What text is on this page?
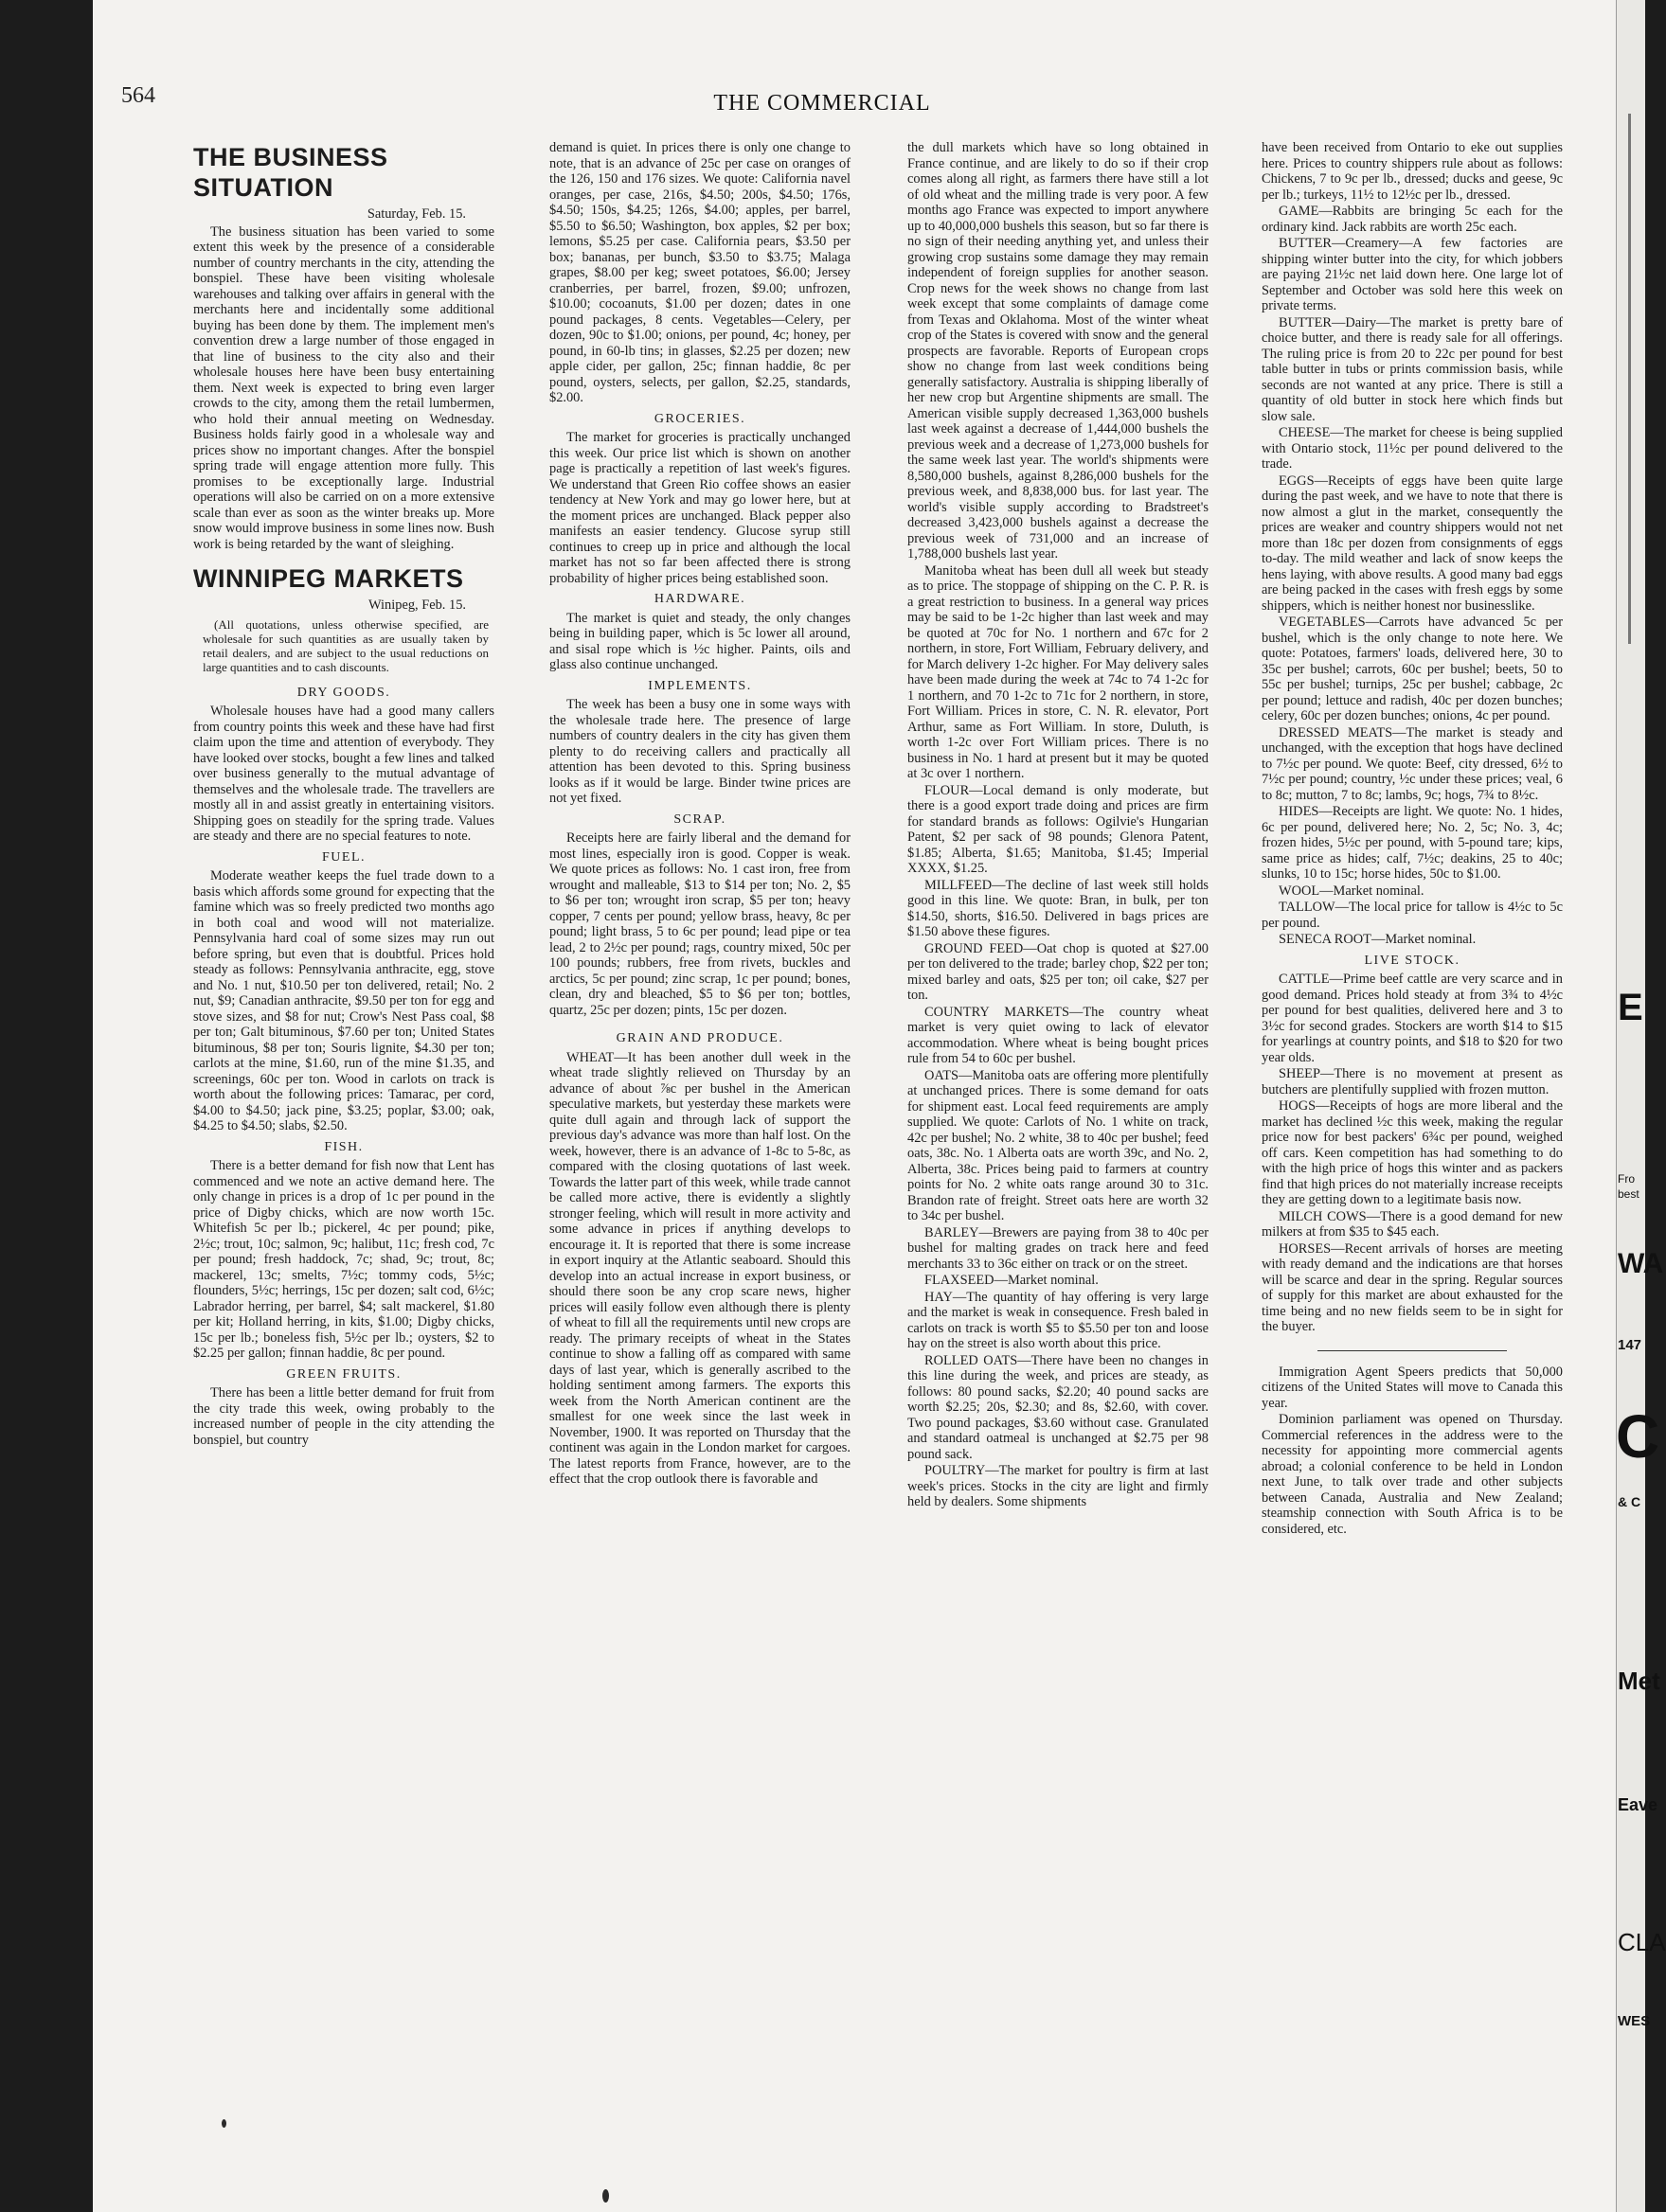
564	THE COMMERCIAL
THE BUSINESS SITUATION
Saturday, Feb. 15.

The business situation has been varied to some extent this week by the presence of a considerable number of country merchants in the city, attending the bonspiel. These have been visiting wholesale warehouses and talking over affairs in general with the merchants here and incidentally some additional buying has been done by them. The implement men's convention drew a large number of those engaged in that line of business to the city also and their wholesale houses here have been busy entertaining them. Next week is expected to bring even larger crowds to the city, among them the retail lumbermen, who hold their annual meeting on Wednesday. Business holds fairly good in a wholesale way and prices show no important changes. After the bonspiel spring trade will engage attention more fully. This promises to be exceptionally large. Industrial operations will also be carried on on a more extensive scale than ever as soon as the winter breaks up. More snow would improve business in some lines now. Bush work is being retarded by the want of sleighing.

WINNIPEG MARKETS
Winipeg, Feb. 15.
(All quotations, unless otherwise specified, are wholesale for such quantities as are usually taken by retail dealers, and are subject to the usual reductions on large quantities and to cash discounts.
DRY GOODS.

Wholesale houses have had a good many callers from country points this week and these have had first claim upon the time and attention of everybody. They have looked over stocks, bought a few lines and talked over business generally to the mutual advantage of themselves and the wholesale trade. The travellers are mostly all in and assist greatly in entertaining visitors. Shipping goes on steadily for the spring trade. Values are steady and there are no special features to note.

FUEL.

Moderate weather keeps the fuel trade down to a basis which affords some ground for expecting that the famine which was so freely predicted two months ago in both coal and wood will not materialize. Pennsylvania hard coal of some sizes may run out before spring, but even that is doubtful. Prices hold steady as follows: Pennsylvania anthracite, egg, stove and No. 1 nut, $10.50 per ton delivered, retail; No. 2 nut, $9; Canadian anthracite, $9.50 per ton for egg and stove sizes, and $8 for nut; Crow's Nest Pass coal, $8 per ton; Galt bituminous, $7.60 per ton; United States bituminous, $8 per ton; Souris lignite, $4.30 per ton; carlots at the mine, $1.60, run of the mine $1.35, and screenings, 60c per ton. Wood in carlots on track is worth about the following prices: Tamarac, per cord, $4.00 to $4.50; jack pine, $3.25; poplar, $3.00; oak, $4.25 to $4.50; slabs, $2.50.

FISH.

There is a better demand for fish now that Lent has commenced and we note an active demand here. The only change in prices is a drop of 1c per pound in the price of Digby chicks, which are now worth 15c. Whitefish 5c per lb.; pickerel, 4c per pound; pike, 2½c; trout, 10c; salmon, 9c; halibut, 11c; fresh cod, 7c per pound; fresh haddock, 7c; shad, 9c; trout, 8c; mackerel, 13c; smelts, 7½c; tommy cods, 5½c; flounders, 5½c; herrings, 15c per dozen; salt cod, 6½c; Labrador herring, per barrel, $4; salt mackerel, $1.80 per kit; Holland herring, in kits, $1.00; Digby chicks, 15c per lb.; boneless fish, 5½c per lb.; oysters, $2 to $2.25 per gallon; finnan haddie, 8c per pound.

GREEN FRUITS.

There has been a little better demand for fruit from the city trade this week, owing probably to the increased number of people in the city attending the bonspiel, but country

demand is quiet. In prices there is only one change to note, that is an advance of 25c per case on oranges of the 126, 150 and 176 sizes. We quote: California navel oranges, per case, 216s, $4.50; 200s, $4.50; 176s, $4.50; 150s, $4.25; 126s, $4.00; apples, per barrel, $5.50 to $6.50; Washington, box apples, $2 per box; lemons, $5.25 per case. California pears, $3.50 per box; bananas, per bunch, $3.50 to $3.75; Malaga grapes, $8.00 per keg; sweet potatoes, $6.00; Jersey cranberries, per barrel, frozen, $9.00; unfrozen, $10.00; cocoanuts, $1.00 per dozen; dates in one pound packages, 8 cents. Vegetables—Celery, per dozen, 90c to $1.00; onions, per pound, 4c; honey, per pound, in 60-lb tins; in glasses, $2.25 per dozen; new apple cider, per gallon, 25c; finnan haddie, 8c per pound, oysters, selects, per gallon, $2.25, standards, $2.00.

GROCERIES.

The market for groceries is practically unchanged this week. Our price list which is shown on another page is practically a repetition of last week's figures. We understand that Green Rio coffee shows an easier tendency at New York and may go lower here, but at the moment prices are unchanged. Black pepper also manifests an easier tendency. Glucose syrup still continues to creep up in price and although the local market has not so far been affected there is strong probability of higher prices being established soon.

HARDWARE.

The market is quiet and steady, the only changes being in building paper, which is 5c lower all around, and sisal rope which is ½c higher. Paints, oils and glass also continue unchanged.

IMPLEMENTS.

The week has been a busy one in some ways with the wholesale trade here. The presence of large numbers of country dealers in the city has given them plenty to do receiving callers and practically all attention has been devoted to this. Spring business looks as if it would be large. Binder twine prices are not yet fixed.

SCRAP.

Receipts here are fairly liberal and the demand for most lines, especially iron is good. Copper is weak. We quote prices as follows: No. 1 cast iron, free from wrought and malleable, $13 to $14 per ton; No. 2, $5 to $6 per ton; wrought iron scrap, $5 per ton; heavy copper, 7 cents per pound; yellow brass, heavy, 8c per pound; light brass, 5 to 6c per pound; lead pipe or tea lead, 2 to 2½c per pound; rags, country mixed, 50c per 100 pounds; rubbers, free from rivets, buckles and arctics, 5c per pound; zinc scrap, 1c per pound; bones, clean, dry and bleached, $5 to $6 per ton; bottles, quartz, 25c per dozen; pints, 15c per dozen.

GRAIN AND PRODUCE.

WHEAT—It has been another dull week in the wheat trade slightly relieved on Thursday by an advance of about ⅞c per bushel in the American speculative markets, but yesterday these markets were quite dull again and through lack of support the previous day's advance was more than half lost. On the week, however, there is an advance of 1-8c to 5-8c, as compared with the closing quotations of last week. Towards the latter part of this week, while trade cannot be called more active, there is evidently a slightly stronger feeling, which will result in more activity and some advance in prices if anything develops to encourage it. It is reported that there is some increase in export inquiry at the Atlantic seaboard. Should this develop into an actual increase in export business, or should there soon be any crop scare news, higher prices will easily follow even although there is plenty of wheat to fill all the requirements until new crops are ready. The primary receipts of wheat in the States continue to show a falling off as compared with same days of last year, which is generally ascribed to the holding sentiment among farmers. The exports this week from the North American continent are the smallest for one week since the last week in November, 1900. It was reported on Thursday that the continent was again in the London market for cargoes. The latest reports from France, however, are to the effect that the crop outlook there is favorable and

the dull markets which have so long obtained in France continue, and are likely to do so if their crop comes along all right, as farmers there have still a lot of old wheat and the milling trade is very poor. A few months ago France was expected to import anywhere up to 40,000,000 bushels this season, but so far there is no sign of their needing anything yet, and unless their growing crop sustains some damage they may remain independent of foreign supplies for another season. Crop news for the week shows no change from last week except that some complaints of damage come from Texas and Oklahoma. Most of the winter wheat crop of the States is covered with snow and the general prospects are favorable. Reports of European crops show no change from last week conditions being generally satisfactory. Australia is shipping liberally of her new crop but Argentine shipments are small. The American visible supply decreased 1,363,000 bushels last week against a decrease of 1,444,000 bushels the previous week and a decrease of 1,273,000 bushels for the same week last year. The world's shipments were 8,580,000 bushels, against 8,286,000 bushels for the previous week, and 8,838,000 bus. for last year. The world's visible supply according to Bradstreet's decreased 3,423,000 bushels against a decrease the previous week of 731,000 and an increase of 1,788,000 bushels last year.

Manitoba wheat has been dull all week but steady as to price. The stoppage of shipping on the C. P. R. is a great restriction to business. In a general way prices may be said to be 1-2c higher than last week and may be quoted at 70c for No. 1 northern and 67c for 2 northern, in store, Fort William, February delivery, and for March delivery 1-2c higher. For May delivery sales have been made during the week at 74c to 74 1-2c for 1 northern, and 70 1-2c to 71c for 2 northern, in store, Fort William. Prices in store, C. N. R. elevator, Port Arthur, same as Fort William. In store, Duluth, is worth 1-2c over Fort William prices. There is no business in No. 1 hard at present but it may be quoted at 3c over 1 northern.

FLOUR—Local demand is only moderate, but there is a good export trade doing and prices are firm for standard brands as follows: Ogilvie's Hungarian Patent, $2 per sack of 98 pounds; Glenora Patent, $1.85; Alberta, $1.65; Manitoba, $1.45; Imperial XXXX, $1.25.

MILLFEED—The decline of last week still holds good in this line. We quote: Bran, in bulk, per ton $14.50, shorts, $16.50. Delivered in bags prices are $1.50 above these figures.

GROUND FEED—Oat chop is quoted at $27.00 per ton delivered to the trade; barley chop, $22 per ton; mixed barley and oats, $25 per ton; oil cake, $27 per ton.

COUNTRY MARKETS—The country wheat market is very quiet owing to lack of elevator accommodation. Where wheat is being bought prices rule from 54 to 60c per bushel.

OATS—Manitoba oats are offering more plentifully at unchanged prices. There is some demand for oats for shipment east. Local feed requirements are amply supplied. We quote: Carlots of No. 1 white on track, 42c per bushel; No. 2 white, 38 to 40c per bushel; feed oats, 38c. No. 1 Alberta oats are worth 39c, and No. 2, Alberta, 38c. Prices being paid to farmers at country points for No. 2 white oats range around 30 to 31c. Brandon rate of freight. Street oats here are worth 32 to 34c per bushel.

BARLEY—Brewers are paying from 38 to 40c per bushel for malting grades on track here and feed merchants 33 to 36c either on track or on the street.

FLAXSEED—Market nominal.

HAY—The quantity of hay offering is very large and the market is weak in consequence. Fresh baled in carlots on track is worth $5 to $5.50 per ton and loose hay on the street is also worth about this price.

ROLLED OATS—There have been no changes in this line during the week, and prices are steady, as follows: 80 pound sacks, $2.20; 40 pound sacks are worth $2.25; 20s, $2.30; and 8s, $2.60, with cover. Two pound packages, $3.60 without case. Granulated and standard oatmeal is unchanged at $2.75 per 98 pound sack.

POULTRY—The market for poultry is firm at last week's prices. Stocks in the city are light and firmly held by dealers. Some shipments

have been received from Ontario to eke out supplies here. Prices to country shippers rule about as follows: Chickens, 7 to 9c per lb., dressed; ducks and geese, 9c per lb.; turkeys, 11½ to 12½c per lb., dressed.

GAME—Rabbits are bringing 5c each for the ordinary kind. Jack rabbits are worth 25c each.

BUTTER—Creamery—A few factories are shipping winter butter into the city, for which jobbers are paying 21½c net laid down here. One large lot of September and October was sold here this week on private terms.

BUTTER—Dairy—The market is pretty bare of choice butter, and there is ready sale for all offerings. The ruling price is from 20 to 22c per pound for best table butter in tubs or prints commission basis, while seconds are not wanted at any price. There is still a quantity of old butter in stock here which finds but slow sale.

CHEESE—The market for cheese is being supplied with Ontario stock, 11½c per pound delivered to the trade.

EGGS—Receipts of eggs have been quite large during the past week, and we have to note that there is now almost a glut in the market, consequently the prices are weaker and country shippers would not net more than 18c per dozen from consignments of eggs to-day. The mild weather and lack of snow keeps the hens laying, with above results. A good many bad eggs are being packed in the cases with fresh eggs by some shippers, which is neither honest nor businesslike.

VEGETABLES—Carrots have advanced 5c per bushel, which is the only change to note here. We quote: Potatoes, farmers' loads, delivered here, 30 to 35c per bushel; carrots, 60c per bushel; beets, 50 to 55c per bushel; turnips, 25c per bushel; cabbage, 2c per pound; lettuce and radish, 40c per dozen bunches; celery, 60c per dozen bunches; onions, 4c per pound.

DRESSED MEATS—The market is steady and unchanged, with the exception that hogs have declined to 7½c per pound. We quote: Beef, city dressed, 6½ to 7½c per pound; country, ½c under these prices; veal, 6 to 8c; mutton, 7 to 8c; lambs, 9c; hogs, 7¾ to 8½c.

HIDES—Receipts are light. We quote: No. 1 hides, 6c per pound, delivered here; No. 2, 5c; No. 3, 4c; frozen hides, 5½c per pound, with 5-pound tare; kips, same price as hides; calf, 7½c; deakins, 25 to 40c; slunks, 10 to 15c; horse hides, 50c to $1.00.

WOOL—Market nominal.

TALLOW—The local price for tallow is 4½c to 5c per pound.

SENECA ROOT—Market nominal.

LIVE STOCK.

CATTLE—Prime beef cattle are very scarce and in good demand. Prices hold steady at from 3¾ to 4½c per pound for best qualities, delivered here and 3 to 3½c for second grades. Stockers are worth $14 to $15 for yearlings at country points, and $18 to $20 for two year olds.

SHEEP—There is no movement at present as butchers are plentifully supplied with frozen mutton.

HOGS—Receipts of hogs are more liberal and the market has declined ½c this week, making the regular price now for best packers' 6¾c per pound, weighed off cars. Keen competition has had something to do with the high price of hogs this winter and as packers find that high prices do not materially increase receipts they are getting down to a legitimate basis now.

MILCH COWS—There is a good demand for new milkers at from $35 to $45 each.

HORSES—Recent arrivals of horses are meeting with ready demand and the indications are that horses will be scarce and dear in the spring. Regular sources of supply for this market are about exhausted for the time being and no new fields seem to be in sight for the buyer.

Immigration Agent Speers predicts that 50,000 citizens of the United States will move to Canada this year.

Dominion parliament was opened on Thursday. Commercial references in the address were to the necessity for appointing more commercial agents abroad; a colonial conference to be held in London next June, to talk over trade and other subjects between Canada, Australia and New Zealand; steamship connection with South Africa is to be considered, etc.

E
Fro
best
WA
147
C
& C
Met
Eave
CLA
WES
